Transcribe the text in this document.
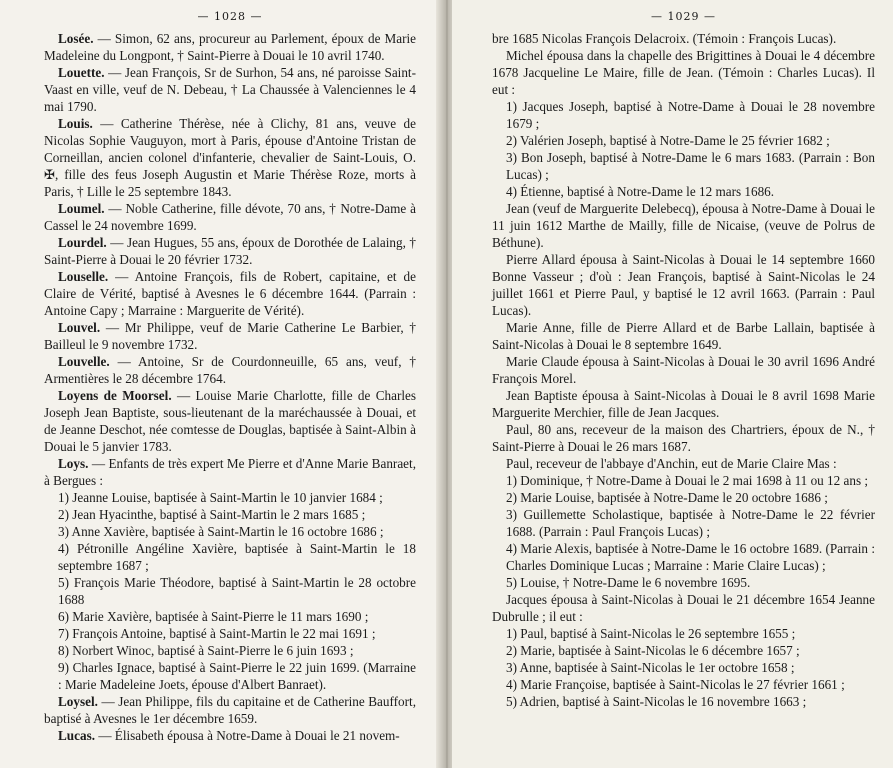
— 1028 —
Losée. — Simon, 62 ans, procureur au Parlement, époux de Marie Madeleine du Longpont, † Saint-Pierre à Douai le 10 avril 1740.
Louette. — Jean François, Sr de Surhon, 54 ans, né paroisse Saint-Vaast en ville, veuf de N. Debeau, † La Chaussée à Valenciennes le 4 mai 1790.
Louis. — Catherine Thérèse, née à Clichy, 81 ans, veuve de Nicolas Sophie Vauguyon, mort à Paris, épouse d'Antoine Tristan de Corneillan, ancien colonel d'infanterie, chevalier de Saint-Louis, O. ✠, fille des feus Joseph Augustin et Marie Thérèse Roze, morts à Paris, † Lille le 25 septembre 1843.
Loumel. — Noble Catherine, fille dévote, 70 ans, † Notre-Dame à Cassel le 24 novembre 1699.
Lourdel. — Jean Hugues, 55 ans, époux de Dorothée de Lalaing, † Saint-Pierre à Douai le 20 février 1732.
Louselle. — Antoine François, fils de Robert, capitaine, et de Claire de Vérité, baptisé à Avesnes le 6 décembre 1644. (Parrain : Antoine Capy ; Marraine : Marguerite de Vérité).
Louvel. — Mr Philippe, veuf de Marie Catherine Le Barbier, † Bailleul le 9 novembre 1732.
Louvelle. — Antoine, Sr de Courdonneuille, 65 ans, veuf, † Armentières le 28 décembre 1764.
Loyens de Moorsel. — Louise Marie Charlotte, fille de Charles Joseph Jean Baptiste, sous-lieutenant de la maréchaussée à Douai, et de Jeanne Deschot, née comtesse de Douglas, baptisée à Saint-Albin à Douai le 5 janvier 1783.
Loys. — Enfants de très expert Me Pierre et d'Anne Marie Banraet, à Bergues :
1) Jeanne Louise, baptisée à Saint-Martin le 10 janvier 1684 ;
2) Jean Hyacinthe, baptisé à Saint-Martin le 2 mars 1685 ;
3) Anne Xavière, baptisée à Saint-Martin le 16 octobre 1686 ;
4) Pétronille Angéline Xavière, baptisée à Saint-Martin le 18 septembre 1687 ;
5) François Marie Théodore, baptisé à Saint-Martin le 28 octobre 1688
6) Marie Xavière, baptisée à Saint-Pierre le 11 mars 1690 ;
7) François Antoine, baptisé à Saint-Martin le 22 mai 1691 ;
8) Norbert Winoc, baptisé à Saint-Pierre le 6 juin 1693 ;
9) Charles Ignace, baptisé à Saint-Pierre le 22 juin 1699. (Marraine : Marie Madeleine Joets, épouse d'Albert Banraet).
Loysel. — Jean Philippe, fils du capitaine et de Catherine Bauffort, baptisé à Avesnes le 1er décembre 1659.
Lucas. — Élisabeth épousa à Notre-Dame à Douai le 21 novem-
— 1029 —
bre 1685 Nicolas François Delacroix. (Témoin : François Lucas).
Michel épousa dans la chapelle des Brigittines à Douai le 4 décembre 1678 Jacqueline Le Maire, fille de Jean. (Témoin : Charles Lucas). Il eut :
1) Jacques Joseph, baptisé à Notre-Dame à Douai le 28 novembre 1679 ;
2) Valérien Joseph, baptisé à Notre-Dame le 25 février 1682 ;
3) Bon Joseph, baptisé à Notre-Dame le 6 mars 1683. (Parrain : Bon Lucas) ;
4) Étienne, baptisé à Notre-Dame le 12 mars 1686.
Jean (veuf de Marguerite Delebecq), épousa à Notre-Dame à Douai le 11 juin 1612 Marthe de Mailly, fille de Nicaise, (veuve de Polrus de Béthune).
Pierre Allard épousa à Saint-Nicolas à Douai le 14 septembre 1660 Bonne Vasseur ; d'où : Jean François, baptisé à Saint-Nicolas le 24 juillet 1661 et Pierre Paul, y baptisé le 12 avril 1663. (Parrain : Paul Lucas).
Marie Anne, fille de Pierre Allard et de Barbe Lallain, baptisée à Saint-Nicolas à Douai le 8 septembre 1649.
Marie Claude épousa à Saint-Nicolas à Douai le 30 avril 1696 André François Morel.
Jean Baptiste épousa à Saint-Nicolas à Douai le 8 avril 1698 Marie Marguerite Merchier, fille de Jean Jacques.
Paul, 80 ans, receveur de la maison des Chartriers, époux de N., † Saint-Pierre à Douai le 26 mars 1687.
Paul, receveur de l'abbaye d'Anchin, eut de Marie Claire Mas :
1) Dominique, † Notre-Dame à Douai le 2 mai 1698 à 11 ou 12 ans ;
2) Marie Louise, baptisée à Notre-Dame le 20 octobre 1686 ;
3) Guillemette Scholastique, baptisée à Notre-Dame le 22 février 1688. (Parrain : Paul François Lucas) ;
4) Marie Alexis, baptisée à Notre-Dame le 16 octobre 1689. (Parrain : Charles Dominique Lucas ; Marraine : Marie Claire Lucas) ;
5) Louise, † Notre-Dame le 6 novembre 1695.
Jacques épousa à Saint-Nicolas à Douai le 21 décembre 1654 Jeanne Dubrulle ; il eut :
1) Paul, baptisé à Saint-Nicolas le 26 septembre 1655 ;
2) Marie, baptisée à Saint-Nicolas le 6 décembre 1657 ;
3) Anne, baptisée à Saint-Nicolas le 1er octobre 1658 ;
4) Marie Françoise, baptisée à Saint-Nicolas le 27 février 1661 ;
5) Adrien, baptisé à Saint-Nicolas le 16 novembre 1663 ;
